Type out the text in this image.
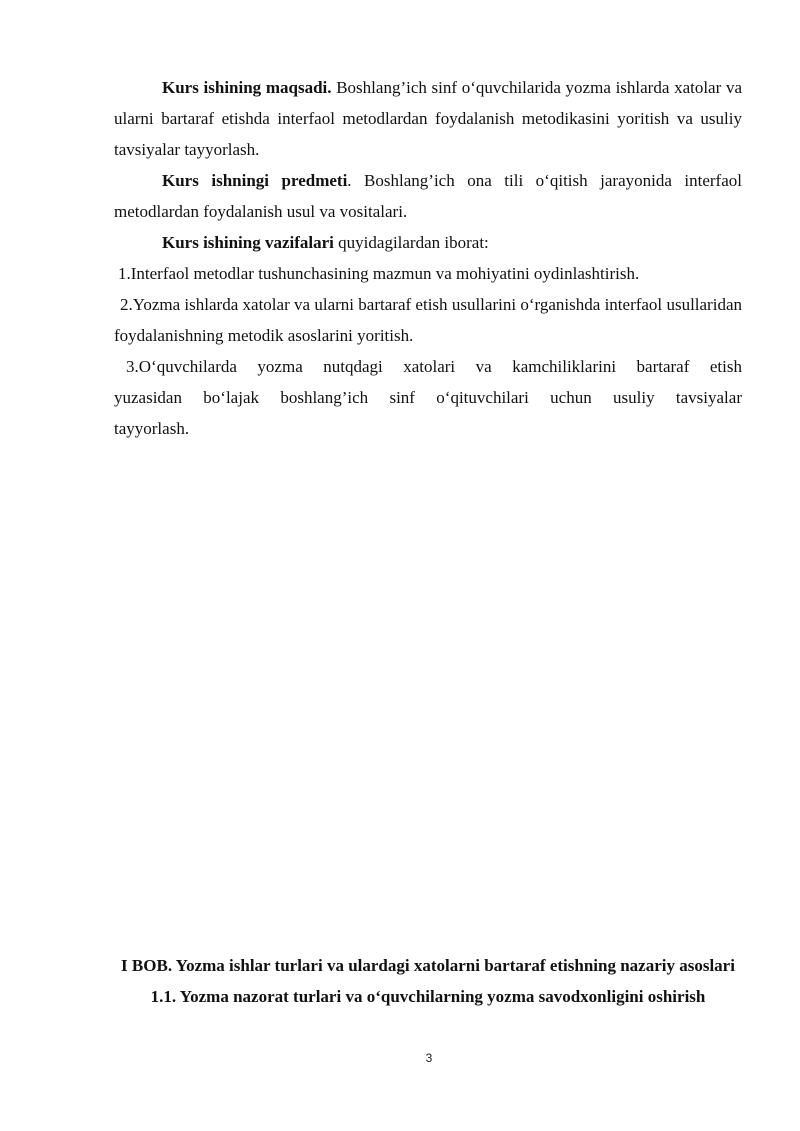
Kurs ishining maqsadi. Boshlang’ich sinf o‘quvchilarida yozma ishlarda xatolar va ularni bartaraf etishda interfaol metodlardan foydalanish metodikasini yoritish va usuliy tavsiyalar tayyorlash.

Kurs ishningi predmeti. Boshlang’ich ona tili o‘qitish jarayonida interfaol metodlardan foydalanish usul va vositalari.

Kurs ishining vazifalari quyidagilardan iborat:

1.Interfaol metodlar tushunchasining mazmun va mohiyatini oydinlashtirish.

2.Yozma ishlarda xatolar va ularni bartaraf etish usullarini o‘rganishda interfaol usullaridan foydalanishning metodik asoslarini yoritish.

3.O‘quvchilarda yozma nutqdagi xatolari va kamchiliklarini bartaraf etish yuzasidan bo‘lajak boshlang’ich sinf o‘qituvchilari uchun usuliy tavsiyalar tayyorlash.

I BOB. Yozma ishlar turlari va ulardagi xatolarni bartaraf etishning nazariy asoslari

1.1. Yozma nazorat turlari va o‘quvchilarning yozma savodxonligini oshirish

3
